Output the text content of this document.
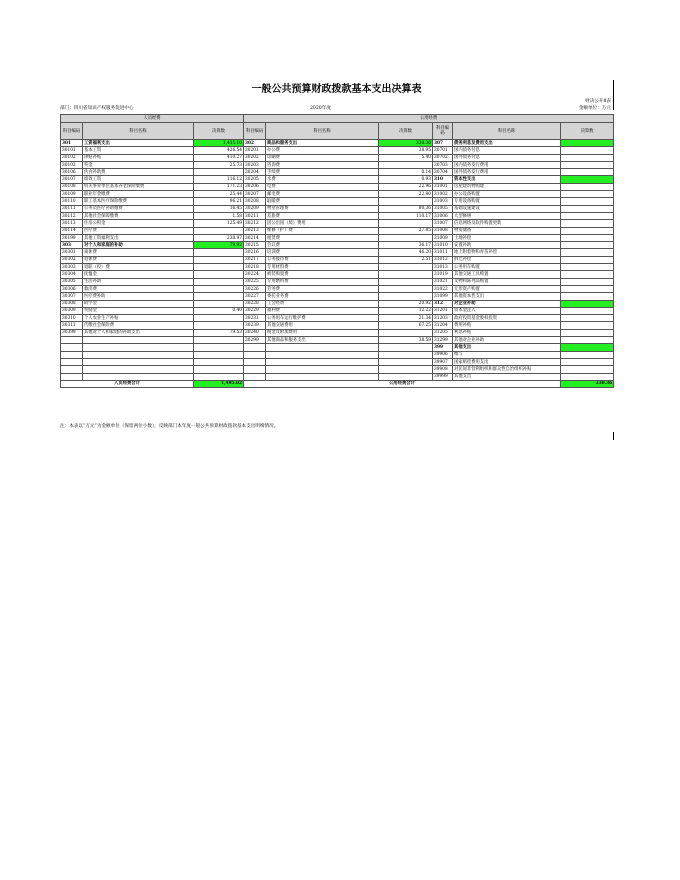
一般公共预算财政拨款基本支出决算表
财决公开8表
部门：四川省知识产权服务促进中心	2020年度	金额单位：万元
人员经费			公用经费					
科目编码	科目名称	决算数	科目编码	科目名称	决算数	科目编码	科目名称	决算数
301	工资福利支出	1,415.10	302	商品和服务支出	330.36	307	债务利息及费用支出	
30101	基本工资	426.54	30201	办公费	38.95	30701	国内债务付息	
30102	津贴补贴	410.27	30202	印刷费	5.40	30702	国外债务付息	
30103	奖金	25.73	30203	咨询费		30703	国内债务发行费用	
30106	伙食补助费		30204	手续费	0.14	30704	国外债务发行费用	
30107	绩效工资	116.12	30205	水费	0.93	310	资本性支出	
30108	机关事业单位基本养老保险缴费	171.23	30206	电费	22.96	31001	房屋建筑物购建	
30109	职业年金缴费	25.44	30207	邮电费	22.80	31002	办公设备购置	
30110	职工基本医疗保险缴费	96.21	30208	取暖费		31003	专用设备购置	
30111	公务员医疗补助缴费	16.45	30209	物业管理费	80.36	31005	基础设施建设	
30112	其他社会保障缴费	1.58	30211	差旅费	110.17	31006	大型修缮	
30113	住房公积金	125.49	30212	因公出国（境）费用		31007	信息网络及软件购置更新	
30114	医疗费		30213	维修（护）费	27.85	31008	物资储备	
30199	其他工资福利支出	238.97	30214	租赁费		31009	土地补偿	
303	对个人和家庭的补助	79.92	30215	会议费	36.17	31010	安置补助	
30301	离休费		30216	培训费	46.20	31011	地上附着物和青苗补偿	
30302	退休费		30217	公务接待费	2.51	31012	拆迁补偿	
30303	退职（役）费		30218	专用材料费		31013	公务用车购置	
30304	抚恤金		30224	被装购置费		31019	其他交通工具购置	
30305	生活补助		30225	专用燃料费		31021	文物和陈列品购置	
30306	救济费		30226	劳务费		31022	无形资产购置	
30307	医疗费补助		30227	委托业务费		31099	其他资本性支出	
30308	助学金		30228	工会经费	20.92	312	对企业补助	
30309	奖励金	0.40	30229	福利费	12.22	31201	资本金注入	
30310	个人农业生产补贴		30231	公务用车运行维护费	21.34	31203	政府投资基金股权投资	
30311	代缴社会保险费		30239	其他交通费用	67.25	31204	费用补贴	
30399	其他对个人和家庭的补助支出	79.53	30240	税金及附加费用		31205	利息补贴	
			30299	其他商品和服务支出	38.59	31299	其他对企业补助	
						399	其他支出	
						39906	赠与	
						39907	国家赔偿费用支出	
						39908	对民间非营利组织和群众性自治组织补贴	
						39999	其他支出	
人员经费合计		1,495.02	公用经费合计					330.36
注：本表以“万元”为金额单位（保留两位小数），反映部门本年度一般公共预算财政拨款基本支出明细情况。
